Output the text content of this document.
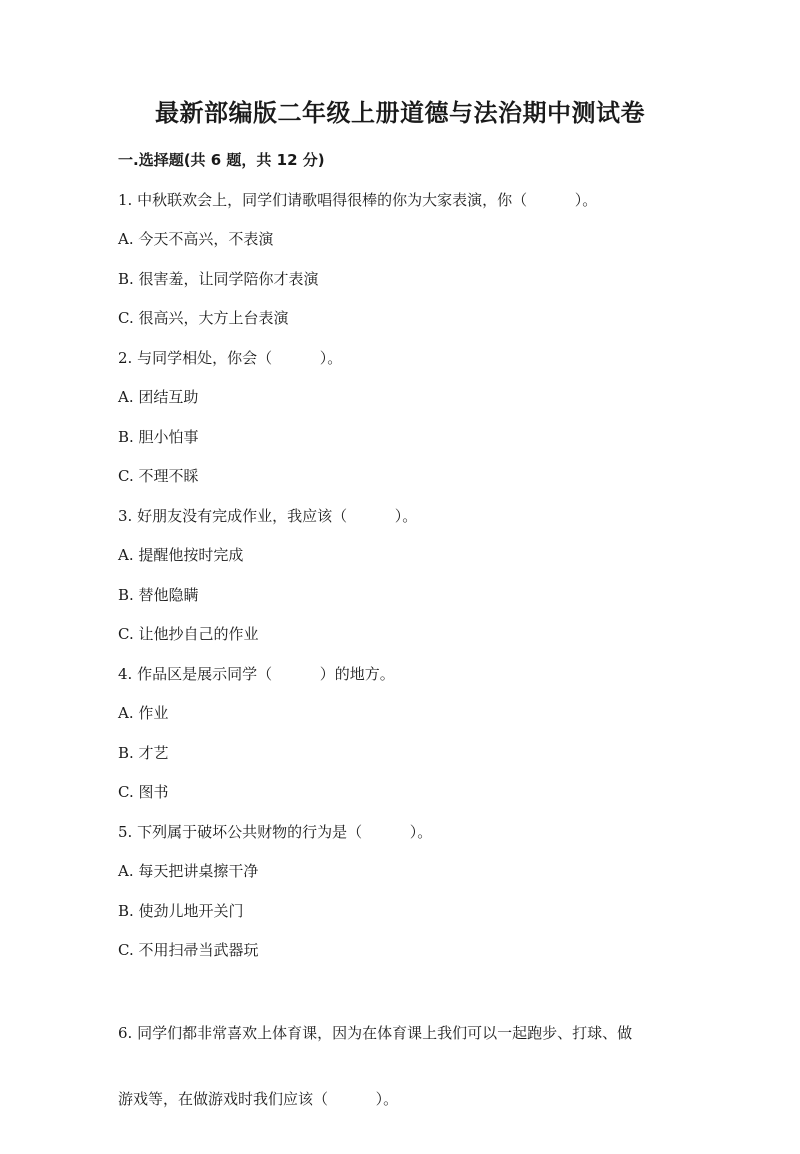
最新部编版二年级上册道德与法治期中测试卷
一.选择题(共 6 题，共 12 分)
1. 中秋联欢会上，同学们请歌唱得很棒的你为大家表演，你（          ）。
A. 今天不高兴，不表演
B. 很害羞，让同学陪你才表演
C. 很高兴，大方上台表演
2. 与同学相处，你会（          ）。
A. 团结互助
B. 胆小怕事
C. 不理不睬
3. 好朋友没有完成作业，我应该（          ）。
A. 提醒他按时完成
B. 替他隐瞒
C. 让他抄自己的作业
4. 作品区是展示同学（          ）的地方。
A. 作业
B. 才艺
C. 图书
5. 下列属于破坏公共财物的行为是（          ）。
A. 每天把讲桌擦干净
B. 使劲儿地开关门
C. 不用扫帚当武器玩

6. 同学们都非常喜欢上体育课，因为在体育课上我们可以一起跑步、打球、做

游戏等，在做游戏时我们应该（          ）。
